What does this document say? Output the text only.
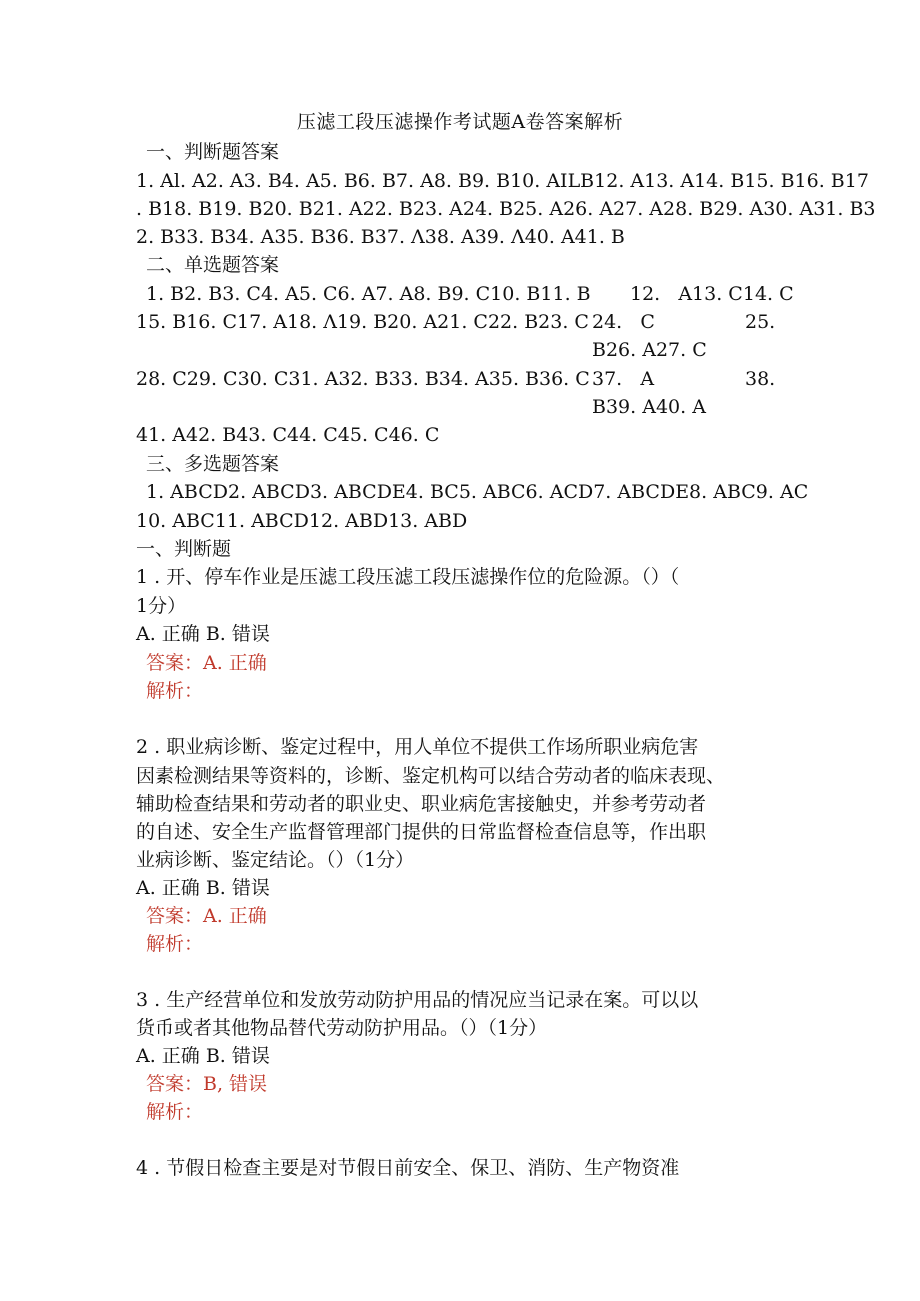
压滤工段压滤操作考试题A卷答案解析
一、判断题答案
1. Al. A2. A3. B4. A5. B6. B7. A8. B9. B10. AILB12. A13. A14. B15. B16. B17
. B18. B19. B20. B21. A22. B23. A24. B25. A26. A27. A28. B29. A30. A31. B3
2. B33. B34. A35. B36. B37. Λ38. A39. Λ40. A41. B
二、单选题答案
1. B2. B3. C4. A5. C6. A7. A8. B9. C10. B11. B 12.   A13. C14. C
15. B16. C17. A18. Λ19. B20. A21. C22. B23. C 24.   C	25.
B26. A27. C
28. C29. C30. C31. A32. B33. B34. A35. B36. C 37.   A	38.
B39. A40. A
41. A42. B43. C44. C45. C46. C
三、多选题答案
1. ABCD2. ABCD3. ABCDE4. BC5. ABC6. ACD7. ABCDE8. ABC9. AC
10. ABC11. ABCD12. ABD13. ABD
一、判断题
1 . 开、停车作业是压滤工段压滤工段压滤操作位的危险源。（）（
1分）
A. 正确 B. 错误
答案：A. 正确
解析：
2 . 职业病诊断、鉴定过程中，用人单位不提供工作场所职业病危害
因素检测结果等资料的，诊断、鉴定机构可以结合劳动者的临床表现、
辅助检查结果和劳动者的职业史、职业病危害接触史，并参考劳动者
的自述、安全生产监督管理部门提供的日常监督检查信息等，作出职
业病诊断、鉴定结论。（）（1分）
A. 正确 B. 错误
答案：A. 正确
解析：
3 . 生产经营单位和发放劳动防护用品的情况应当记录在案。可以以
货币或者其他物品替代劳动防护用品。（）（1分）
A. 正确 B. 错误
答案：B, 错误
解析：
4 . 节假日检查主要是对节假日前安全、保卫、消防、生产物资准
